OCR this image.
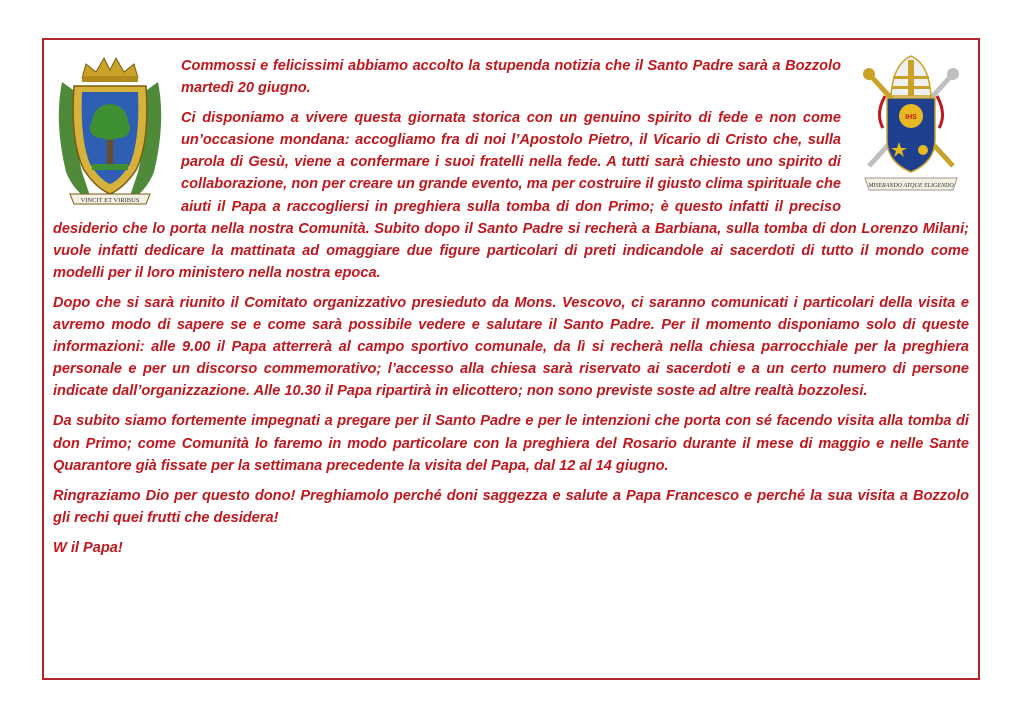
VINCIT ET VIRIBUS
IHS
MISERANDO ATQUE ELIGENDO

Commossi e felicissimi abbiamo accolto la stupenda notizia che il Santo Padre sarà a Bozzolo martedì 20 giugno.

Ci disponiamo a vivere questa giornata storica con un genuino spirito di fede e non come un’occasione mondana: accogliamo fra di noi l’Apostolo Pietro, il Vicario di Cristo che, sulla parola di Gesù, viene a confermare i suoi fratelli nella fede. A tutti sarà chiesto uno spirito di collaborazione, non per creare un grande evento, ma per costruire il giusto clima spirituale che aiuti il Papa a raccogliersi in preghiera sulla tomba di don Primo; è questo infatti il preciso desiderio che lo porta nella nostra Comunità. Subito dopo il Santo Padre si recherà a Barbiana, sulla tomba di don Lorenzo Milani; vuole infatti dedicare la mattinata ad omaggiare due figure particolari di preti indicandole ai sacerdoti di tutto il mondo come modelli per il loro ministero nella nostra epoca.

Dopo che si sarà riunito il Comitato organizzativo presieduto da Mons. Vescovo, ci saranno comunicati i particolari della visita e avremo modo di sapere se e come sarà possibile vedere e salutare il Santo Padre. Per il momento disponiamo solo di queste informazioni: alle 9.00 il Papa atterrerà al campo sportivo comunale, da lì si recherà nella chiesa parrocchiale per la preghiera personale e per un discorso commemorativo; l’accesso alla chiesa sarà riservato ai sacerdoti e a un certo numero di persone indicate dall’organizzazione. Alle 10.30 il Papa ripartirà in elicottero; non sono previste soste ad altre realtà bozzolesi.

Da subito siamo fortemente impegnati a pregare per il Santo Padre e per le intenzioni che porta con sé facendo visita alla tomba di don Primo; come Comunità lo faremo in modo particolare con la preghiera del Rosario durante il mese di maggio e nelle Sante Quarantore già fissate per la settimana precedente la visita del Papa, dal 12 al 14 giugno.

Ringraziamo Dio per questo dono! Preghiamolo perché doni saggezza e salute a Papa Francesco e perché la sua visita a Bozzolo gli rechi quei frutti che desidera!

W il Papa!
